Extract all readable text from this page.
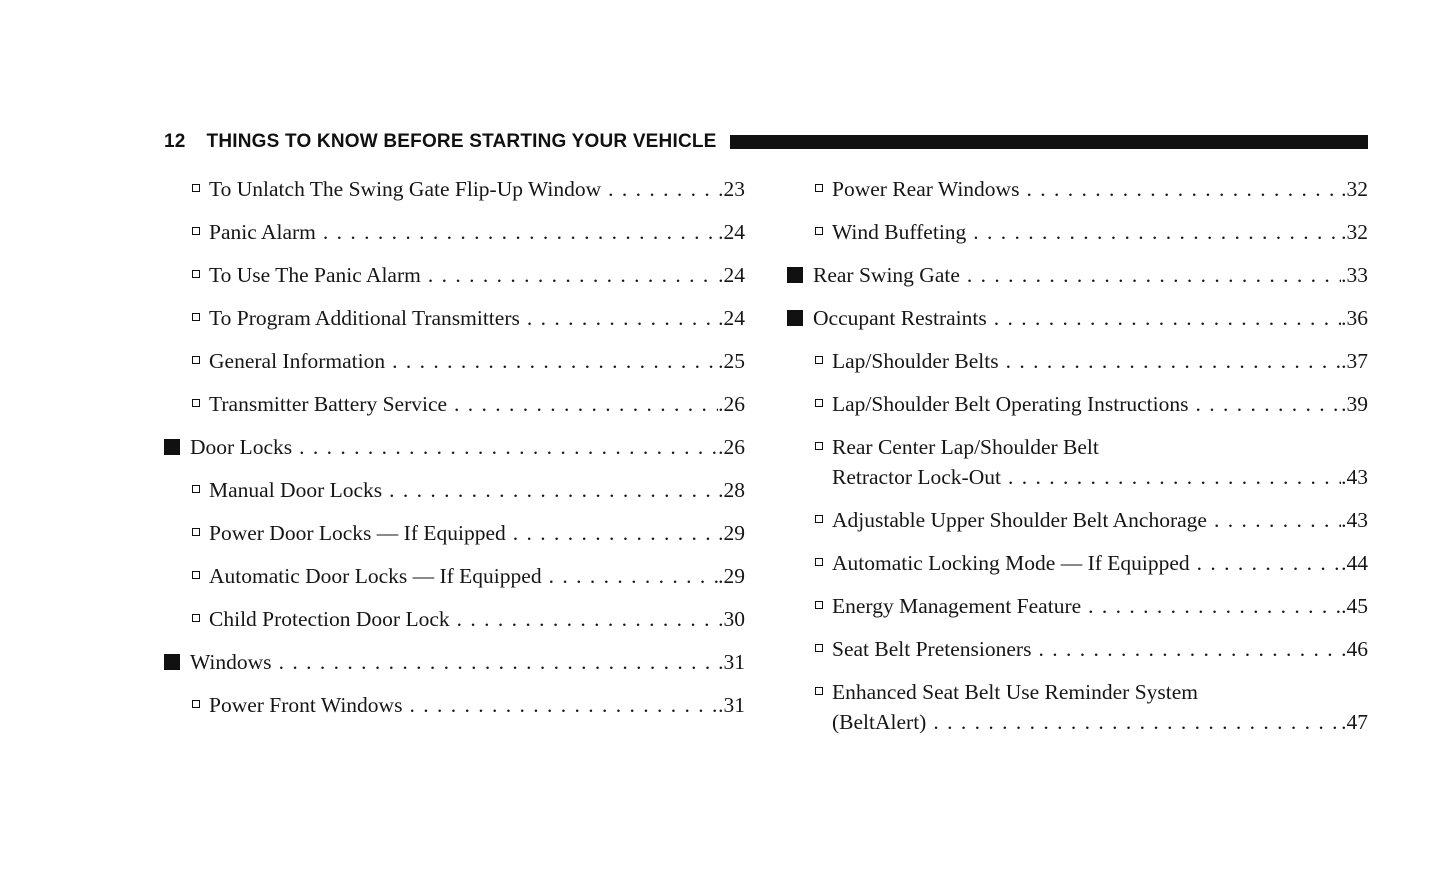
12 THINGS TO KNOW BEFORE STARTING YOUR VEHICLE
To Unlatch The Swing Gate Flip-Up Window . . .	.23
Panic Alarm . . .	.24
To Use The Panic Alarm . . .	.24
To Program Additional Transmitters . . .	.24
General Information . . .	.25
Transmitter Battery Service . . .	.26
Door Locks . . .	.26
Manual Door Locks . . .	.28
Power Door Locks — If Equipped . . .	.29
Automatic Door Locks — If Equipped . . .	.29
Child Protection Door Lock . . .	.30
Windows . . .	.31
Power Front Windows . . .	.31
Power Rear Windows . . .	.32
Wind Buffeting . . .	.32
Rear Swing Gate . . .	.33
Occupant Restraints . . .	.36
Lap/Shoulder Belts . . .	.37
Lap/Shoulder Belt Operating Instructions . . .	.39
Rear Center Lap/Shoulder Belt
Retractor Lock-Out . . .	.43
Adjustable Upper Shoulder Belt Anchorage . . .	.43
Automatic Locking Mode — If Equipped . . .	.44
Energy Management Feature . . .	.45
Seat Belt Pretensioners . . .	.46
Enhanced Seat Belt Use Reminder System
(BeltAlert) . . .	.47
